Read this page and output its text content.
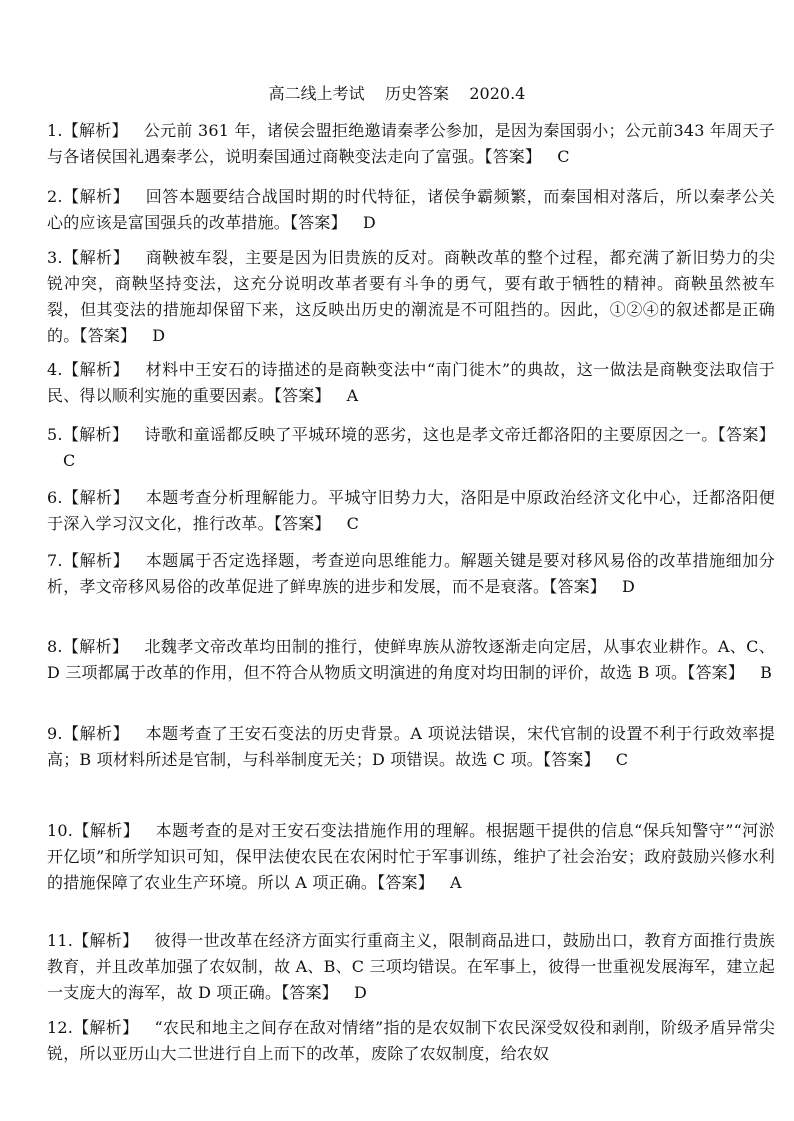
高二线上考试    历史答案    2020.4
1.【解析】 公元前 361 年，诸侯会盟拒绝邀请秦孝公参加，是因为秦国弱小；公元前343 年周天子与各诸侯国礼遇秦孝公，说明秦国通过商鞅变法走向了富强。【答案】 C
2.【解析】 回答本题要结合战国时期的时代特征，诸侯争霸频繁，而秦国相对落后，所以秦孝公关心的应该是富国强兵的改革措施。【答案】 D
3.【解析】 商鞅被车裂，主要是因为旧贵族的反对。商鞅改革的整个过程，都充满了新旧势力的尖锐冲突，商鞅坚持变法，这充分说明改革者要有斗争的勇气，要有敢于牺牲的精神。商鞅虽然被车裂，但其变法的措施却保留下来，这反映出历史的潮流是不可阻挡的。因此，①②④的叙述都是正确的。【答案】 D
4.【解析】 材料中王安石的诗描述的是商鞅变法中“南门徙木”的典故，这一做法是商鞅变法取信于民、得以顺利实施的重要因素。【答案】 A
5.【解析】 诗歌和童谣都反映了平城环境的恶劣，这也是孝文帝迁都洛阳的主要原因之一。【答案】C
6.【解析】 本题考查分析理解能力。平城守旧势力大，洛阳是中原政治经济文化中心，迁都洛阳便于深入学习汉文化，推行改革。【答案】 C
7.【解析】 本题属于否定选择题，考查逆向思维能力。解题关键是要对移风易俗的改革措施细加分析，孝文帝移风易俗的改革促进了鲜卑族的进步和发展，而不是衰落。【答案】 D
8.【解析】 北魏孝文帝改革均田制的推行，使鲜卑族从游牧逐渐走向定居，从事农业耕作。A、C、D 三项都属于改革的作用，但不符合从物质文明演进的角度对均田制的评价，故选 B 项。【答案】 B
9.【解析】 本题考查了王安石变法的历史背景。A 项说法错误，宋代官制的设置不利于行政效率提高；B 项材料所述是官制，与科举制度无关；D 项错误。故选 C 项。【答案】 C
10.【解析】 本题考查的是对王安石变法措施作用的理解。根据题干提供的信息“保兵知警守”“河淤开亿顷”和所学知识可知，保甲法使农民在农闲时忙于军事训练，维护了社会治安；政府鼓励兴修水利的措施保障了农业生产环境。所以 A 项正确。【答案】 A
11.【解析】 彼得一世改革在经济方面实行重商主义，限制商品进口，鼓励出口，教育方面推行贵族教育，并且改革加强了农奴制，故 A、B、C 三项均错误。在军事上，彼得一世重视发展海军，建立起一支庞大的海军，故 D 项正确。【答案】 D
12.【解析】 “农民和地主之间存在敌对情绪”指的是农奴制下农民深受奴役和剥削，阶级矛盾异常尖锐，所以亚历山大二世进行自上而下的改革，废除了农奴制度，给农奴
